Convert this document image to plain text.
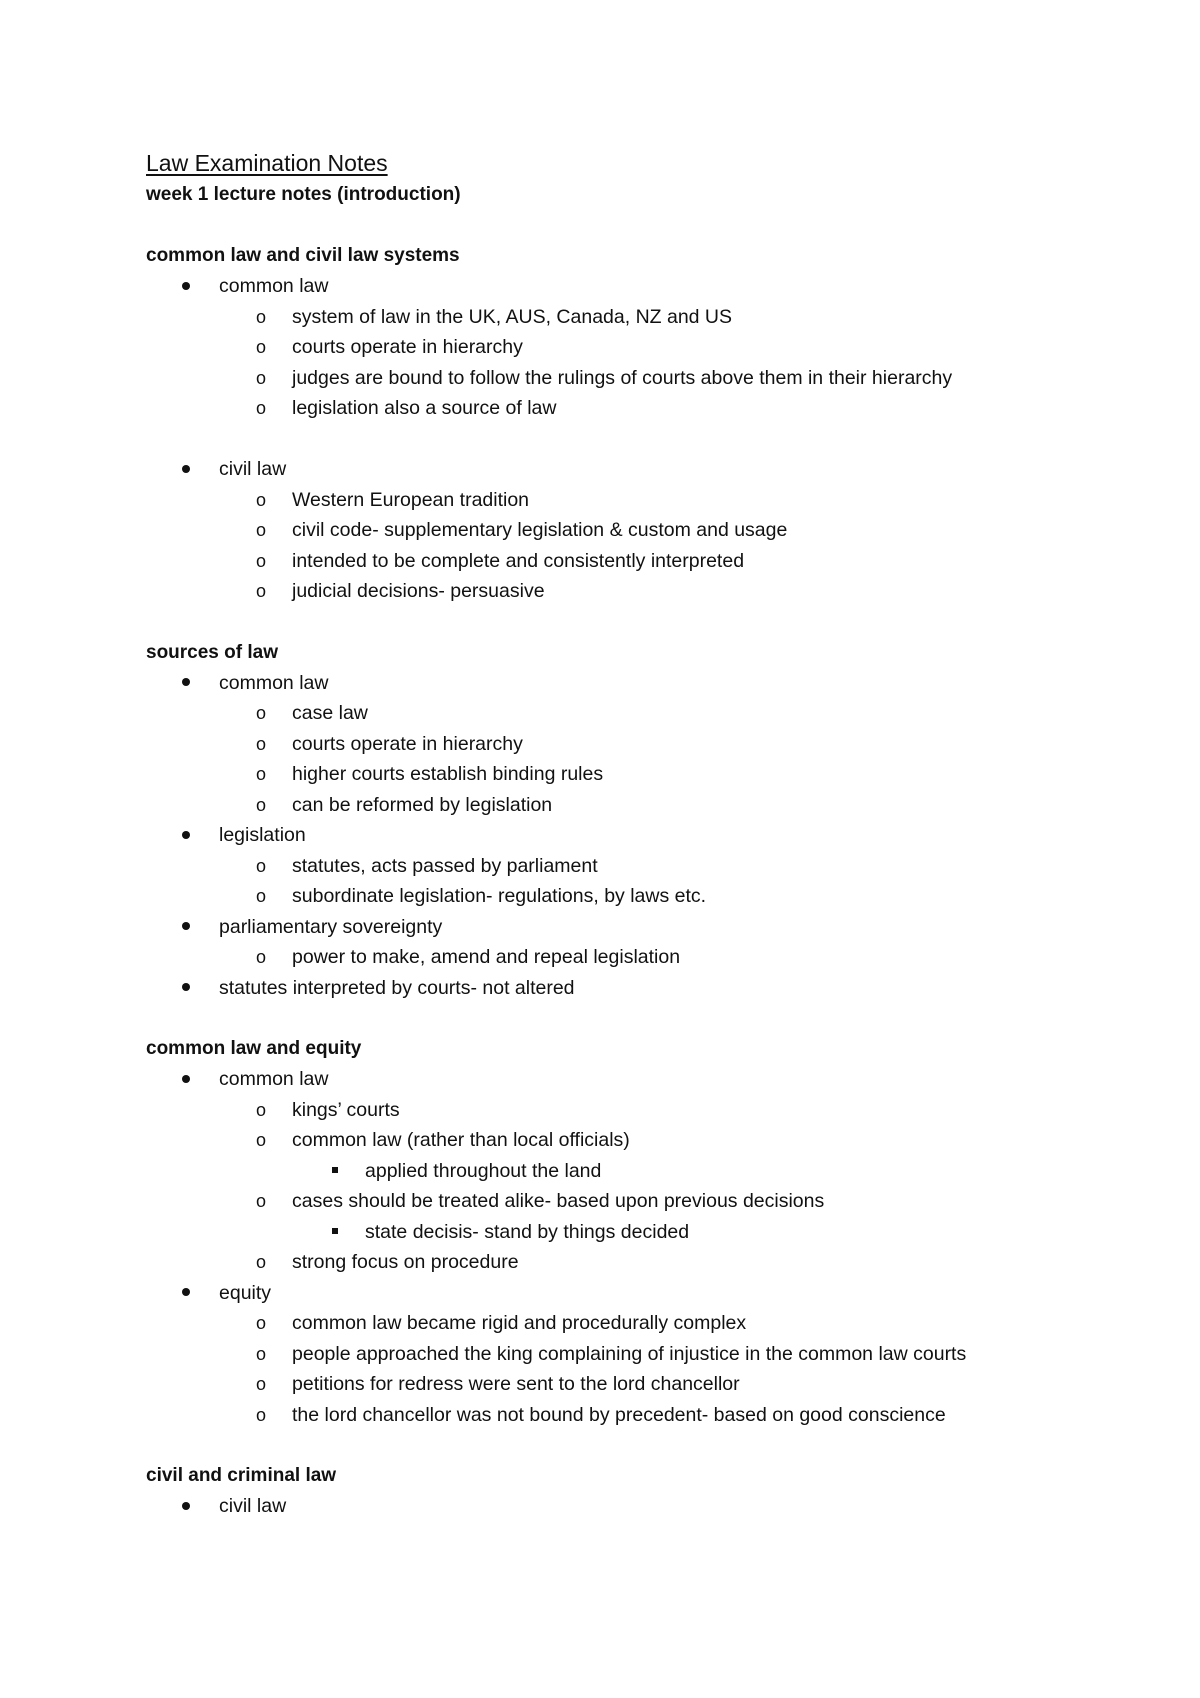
Law Examination Notes
week 1 lecture notes (introduction)
common law and civil law systems
common law
o system of law in the UK, AUS, Canada, NZ and US
o courts operate in hierarchy
o judges are bound to follow the rulings of courts above them in their hierarchy
o legislation also a source of law

civil law
o Western European tradition
o civil code- supplementary legislation & custom and usage
o intended to be complete and consistently interpreted
o judicial decisions- persuasive
sources of law
common law
o case law
o courts operate in hierarchy
o higher courts establish binding rules
o can be reformed by legislation
legislation
o statutes, acts passed by parliament
o subordinate legislation- regulations, by laws etc.
parliamentary sovereignty
o power to make, amend and repeal legislation
statutes interpreted by courts- not altered
common law and equity
common law
o kings’ courts
o common law (rather than local officials)
applied throughout the land
o cases should be treated alike- based upon previous decisions
state decisis- stand by things decided
o strong focus on procedure
equity
o common law became rigid and procedurally complex
o people approached the king complaining of injustice in the common law courts
o petitions for redress were sent to the lord chancellor
o the lord chancellor was not bound by precedent- based on good conscience
civil and criminal law
civil law
